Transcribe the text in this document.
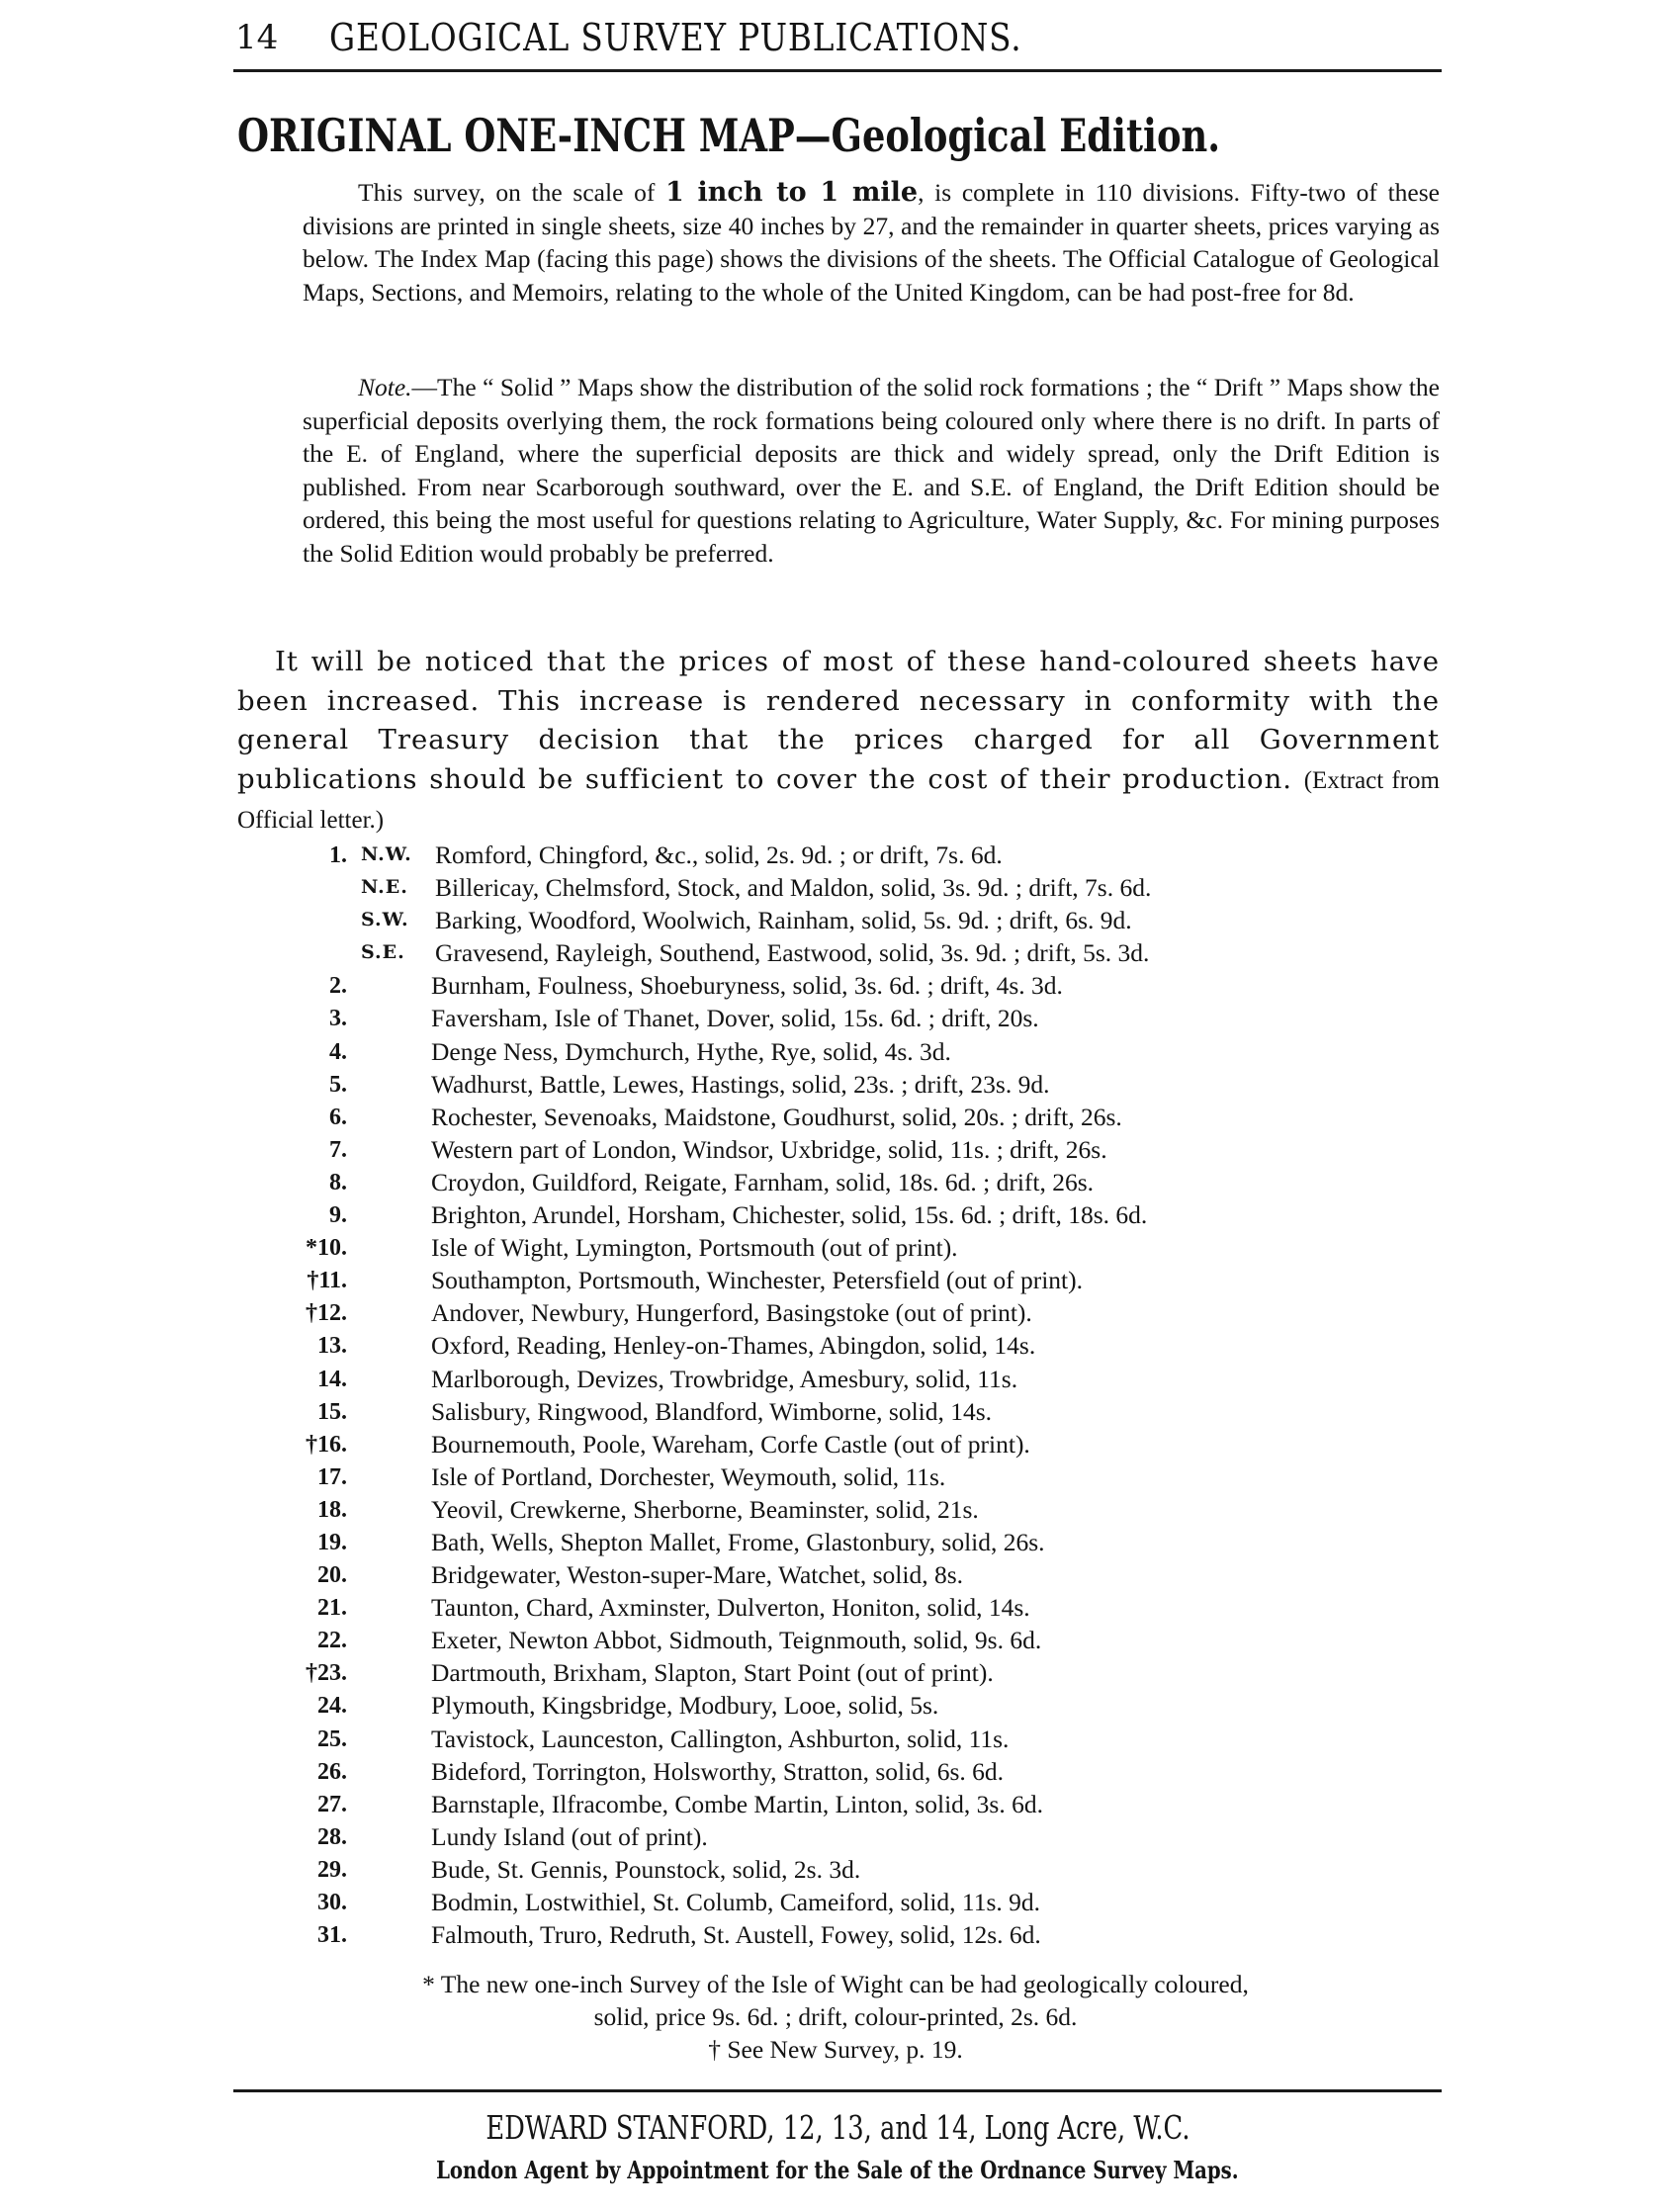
14 GEOLOGICAL SURVEY PUBLICATIONS.
ORIGINAL ONE-INCH MAP—Geological Edition.

This survey, on the scale of 1 inch to 1 mile, is complete in 110 divisions. Fifty-two of these divisions are printed in single sheets, size 40 inches by 27, and the remainder in quarter sheets, prices varying as below. The Index Map (facing this page) shows the divisions of the sheets. The Official Catalogue of Geological Maps, Sections, and Memoirs, relating to the whole of the United Kingdom, can be had post-free for 8d.

Note.—The “ Solid ” Maps show the distribution of the solid rock formations ; the “ Drift ” Maps show the superficial deposits overlying them, the rock formations being coloured only where there is no drift. In parts of the E. of England, where the superficial deposits are thick and widely spread, only the Drift Edition is published. From near Scarborough southward, over the E. and S.E. of England, the Drift Edition should be ordered, this being the most useful for questions relating to Agriculture, Water Supply, &c. For mining purposes the Solid Edition would probably be preferred.

It will be noticed that the prices of most of these hand-coloured sheets have been increased. This increase is rendered necessary in conformity with the general Treasury decision that the prices charged for all Government publications should be sufficient to cover the cost of their production. (Extract from Official letter.)

1. N.W. Romford, Chingford, &c., solid, 2s. 9d. ; or drift, 7s. 6d.
N.E. Billericay, Chelmsford, Stock, and Maldon, solid, 3s. 9d. ; drift, 7s. 6d.
S.W. Barking, Woodford, Woolwich, Rainham, solid, 5s. 9d. ; drift, 6s. 9d.
S.E. Gravesend, Rayleigh, Southend, Eastwood, solid, 3s. 9d. ; drift, 5s. 3d.
2.	Burnham, Foulness, Shoeburyness, solid, 3s. 6d. ; drift, 4s. 3d.
3.	Faversham, Isle of Thanet, Dover, solid, 15s. 6d. ; drift, 20s.
4.	Denge Ness, Dymchurch, Hythe, Rye, solid, 4s. 3d.
5.	Wadhurst, Battle, Lewes, Hastings, solid, 23s. ; drift, 23s. 9d.
6.	Rochester, Sevenoaks, Maidstone, Goudhurst, solid, 20s. ; drift, 26s.
7.	Western part of London, Windsor, Uxbridge, solid, 11s. ; drift, 26s.
8.	Croydon, Guildford, Reigate, Farnham, solid, 18s. 6d. ; drift, 26s.
9.	Brighton, Arundel, Horsham, Chichester, solid, 15s. 6d. ; drift, 18s. 6d.
*10.	Isle of Wight, Lymington, Portsmouth (out of print).
†11.	Southampton, Portsmouth, Winchester, Petersfield (out of print).
†12.	Andover, Newbury, Hungerford, Basingstoke (out of print).
13.	Oxford, Reading, Henley-on-Thames, Abingdon, solid, 14s.
14.	Marlborough, Devizes, Trowbridge, Amesbury, solid, 11s.
15.	Salisbury, Ringwood, Blandford, Wimborne, solid, 14s.
†16.	Bournemouth, Poole, Wareham, Corfe Castle (out of print).
17.	Isle of Portland, Dorchester, Weymouth, solid, 11s.
18.	Yeovil, Crewkerne, Sherborne, Beaminster, solid, 21s.
19.	Bath, Wells, Shepton Mallet, Frome, Glastonbury, solid, 26s.
20.	Bridgewater, Weston-super-Mare, Watchet, solid, 8s.
21.	Taunton, Chard, Axminster, Dulverton, Honiton, solid, 14s.
22.	Exeter, Newton Abbot, Sidmouth, Teignmouth, solid, 9s. 6d.
†23.	Dartmouth, Brixham, Slapton, Start Point (out of print).
24.	Plymouth, Kingsbridge, Modbury, Looe, solid, 5s.
25.	Tavistock, Launceston, Callington, Ashburton, solid, 11s.
26.	Bideford, Torrington, Holsworthy, Stratton, solid, 6s. 6d.
27.	Barnstaple, Ilfracombe, Combe Martin, Linton, solid, 3s. 6d.
28.	Lundy Island (out of print).
29.	Bude, St. Gennis, Pounstock, solid, 2s. 3d.
30.	Bodmin, Lostwithiel, St. Columb, Cameiford, solid, 11s. 9d.
31.	Falmouth, Truro, Redruth, St. Austell, Fowey, solid, 12s. 6d.
* The new one-inch Survey of the Isle of Wight can be had geologically coloured,
solid, price 9s. 6d. ; drift, colour-printed, 2s. 6d.
† See New Survey, p. 19.
EDWARD STANFORD, 12, 13, and 14, Long Acre, W.C.
London Agent by Appointment for the Sale of the Ordnance Survey Maps.
